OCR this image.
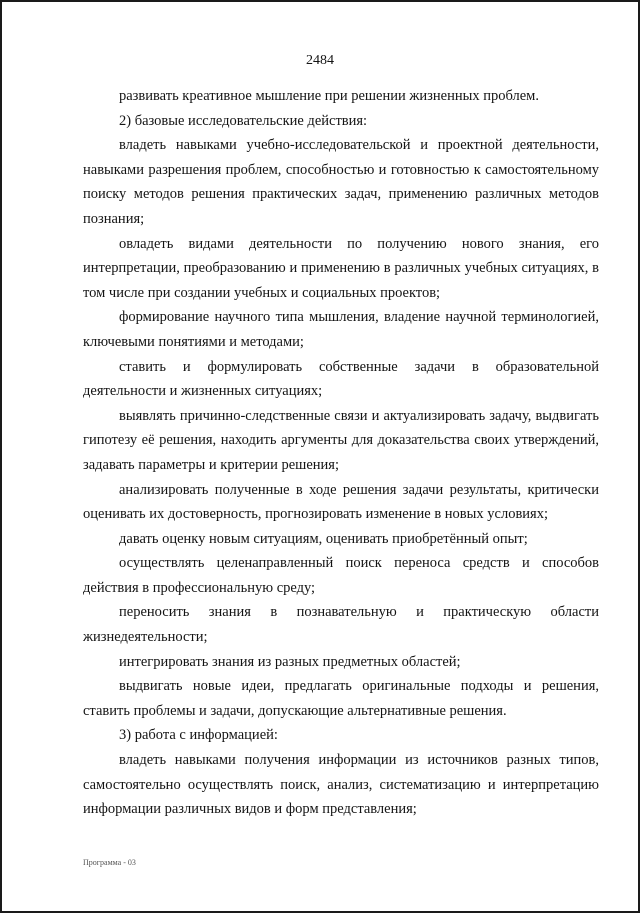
2484

развивать креативное мышление при решении жизненных проблем.

2) базовые исследовательские действия:

владеть навыками учебно-исследовательской и проектной деятельности, навыками разрешения проблем, способностью и готовностью к самостоятельному поиску методов решения практических задач, применению различных методов познания;

овладеть видами деятельности по получению нового знания, его интерпретации, преобразованию и применению в различных учебных ситуациях, в том числе при создании учебных и социальных проектов;

формирование научного типа мышления, владение научной терминологией, ключевыми понятиями и методами;

ставить и формулировать собственные задачи в образовательной деятельности и жизненных ситуациях;

выявлять причинно-следственные связи и актуализировать задачу, выдвигать гипотезу её решения, находить аргументы для доказательства своих утверждений, задавать параметры и критерии решения;

анализировать полученные в ходе решения задачи результаты, критически оценивать их достоверность, прогнозировать изменение в новых условиях;

давать оценку новым ситуациям, оценивать приобретённый опыт;

осуществлять целенаправленный поиск переноса средств и способов действия в профессиональную среду;

переносить знания в познавательную и практическую области жизнедеятельности;

интегрировать знания из разных предметных областей;

выдвигать новые идеи, предлагать оригинальные подходы и решения, ставить проблемы и задачи, допускающие альтернативные решения.

3) работа с информацией:

владеть навыками получения информации из источников разных типов, самостоятельно осуществлять поиск, анализ, систематизацию и интерпретацию информации различных видов и форм представления;

Программа - 03
